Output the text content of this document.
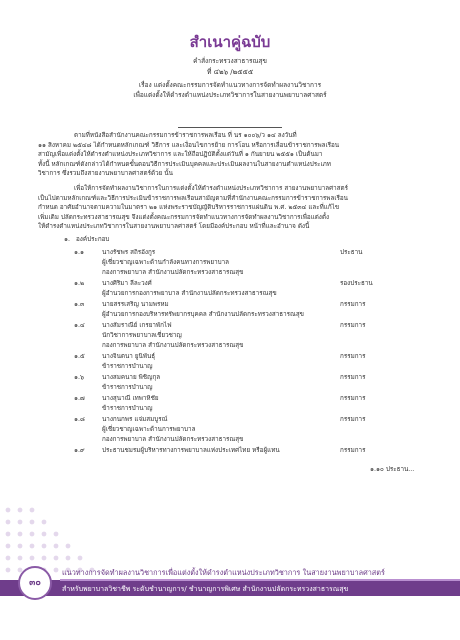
สำเนาคู่ฉบับ
คำสั่งกระทรวงสาธารณสุข
ที่ ๔๒๖ /๒๕๕๕
เรื่อง แต่งตั้งคณะกรรมการจัดทำแนวทางการจัดทำผลงานวิชาการ
เพื่อแต่งตั้งให้ดำรงตำแหน่งประเภทวิชาการในสายงานพยาบาลศาสตร์
ตามที่หนังสือสำนักงานคณะกรรมการข้าราชการพลเรือน ที่ นร ๑๐๐๖/ว ๑๔ ลงวันที่
๑๑ สิงหาคม ๒๕๔๘ ได้กำหนดหลักเกณฑ์ วิธีการ และเงื่อนไขการย้าย การโอน หรือการเลื่อนข้าราชการพลเรือน
สามัญเพื่อแต่งตั้งให้ดำรงตำแหน่งประเภทวิชาการ และให้ถือปฏิบัติตั้งแต่วันที่ ๑ กันยายน ๒๕๕๑ เป็นต้นมา
ทั้งนี้ หลักเกณฑ์ดังกล่าวได้กำหนดขั้นตอนวิธีการประเมินบุคคลและประเมินผลงานในสายงานตำแหน่งประเภท
วิชาการ ซึ่งรวมถึงสายงานพยาบาลศาสตร์ด้วย นั้น
เพื่อให้การจัดทำผลงานวิชาการในการแต่งตั้งให้ดำรงตำแหน่งประเภทวิชาการ สายงานพยาบาลศาสตร์
เป็นไปตามหลักเกณฑ์และวิธีการประเมินข้าราชการพลเรือนสามัญตามที่สำนักงานคณะกรรมการข้าราชการพลเรือน
กำหนด อาศัยอำนาจตามความในมาตรา ๒๑ แห่งพระราชบัญญัติบริหารราชการแผ่นดิน พ.ศ. ๒๕๓๔ และที่แก้ไข
เพิ่มเติม ปลัดกระทรวงสาธารณสุข จึงแต่งตั้งคณะกรรมการจัดทำแนวทางการจัดทำผลงานวิชาการเพื่อแต่งตั้ง
ให้ดำรงตำแหน่งประเภทวิชาการในสายงานพยาบาลศาสตร์ โดยมีองค์ประกอบ หน้าที่และอำนาจ ดังนี้
๑. องค์ประกอบ
๑.๑	นางรัชพร สถิรอังกูร	ประธาน
ผู้เชี่ยวชาญเฉพาะด้านกำลังคนทางการพยาบาล
กองการพยาบาล สำนักงานปลัดกระทรวงสาธารณสุข
๑.๒	นางศิริมา ลีละวงศ์	รองประธาน
ผู้อำนวยการกองการพยาบาล สำนักงานปลัดกระทรวงสาธารณสุข
๑.๓	นายสรรเสริญ นามพรหม	กรรมการ
ผู้อำนวยการกองบริหารทรัพยากรบุคคล สำนักงานปลัดกระทรวงสาธารณสุข
๑.๔	นางสัมราณีย์ เกรยาพักไฟ	กรรมการ
นักวิชาการพยาบาลเชี่ยวชาญ
กองการพยาบาล สำนักงานปลัดกระทรวงสาธารณสุข
๑.๕	นางจินตนา ยูนิพันธุ์	กรรมการ
ข้าราชการบำนาญ
๑.๖	นางสมคนาย พิชิญกุล	กรรมการ
ข้าราชการบำนาญ
๑.๗	นางสุนาณี เทพาหิชัย	กรรมการ
ข้าราชการบำนาญ
๑.๘	นางกนกพร แจ่มสมบูรณ์	กรรมการ
ผู้เชี่ยวชาญเฉพาะด้านการพยาบาล
กองการพยาบาล สำนักงานปลัดกระทรวงสาธารณสุข
๑.๙	ประธานชมรมผู้บริหารทางการพยาบาลแห่งประเทศไทย หรือผู้แทน	กรรมการ
๑.๑๐ ประธาน...
๓๐
แนวทางการจัดทำผลงานวิชาการเพื่อแต่งตั้งให้ดำรงตำแหน่งประเภทวิชาการ ในสายงานพยาบาลศาสตร์
สำหรับพยาบาลวิชาชีพ ระดับชำนาญการ/ ชำนาญการพิเศษ สำนักงานปลัดกระทรวงสาธารณสุข
